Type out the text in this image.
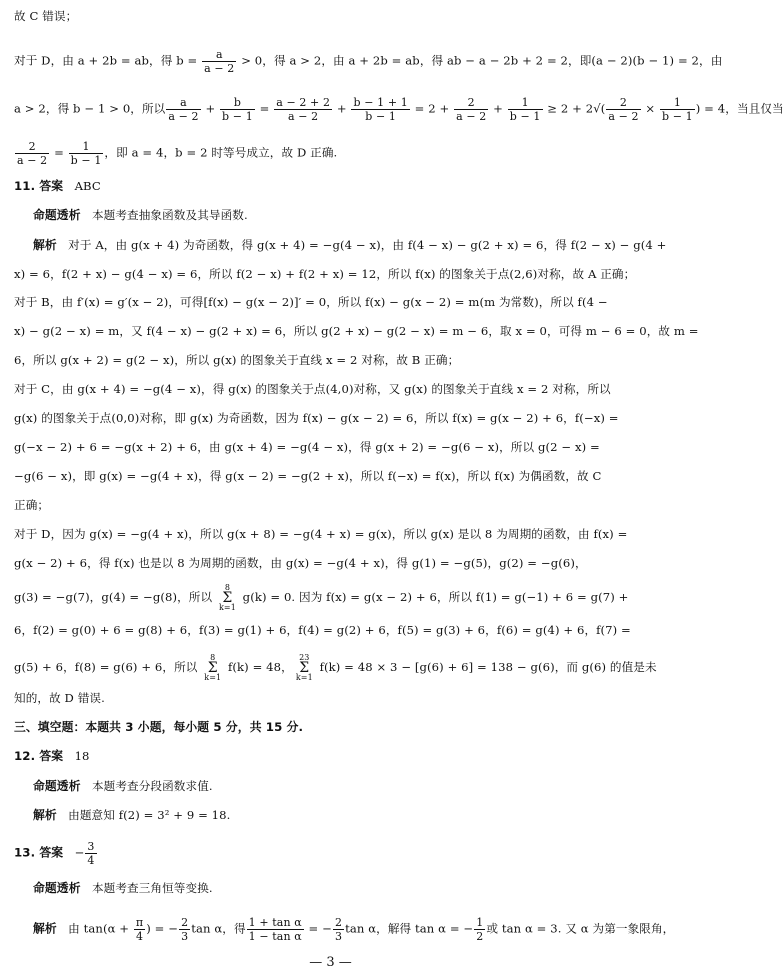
故 C 错误；
对于 D，由 a + 2b = ab，得 $b = \frac{a}{a - 2} > 0$，得 a > 2，由 a + 2b = ab，得 ab − a − 2b + 2 = 2，即(a − 2)(b − 1) = 2，由
a > 2，得 b − 1 > 0，所以 $\frac{a}{a - 2} + \frac{b}{b - 1} = \frac{a - 2 + 2}{a - 2} + \frac{b - 1 + 1}{b - 1} = 2 + \frac{2}{a - 2} + \frac{1}{b - 1} \ge 2 + 2√( \frac{2}{a - 2} \times \frac{1}{b - 1}$ ) = 4，当且仅当
$\frac{2}{a - 2} = \frac{1}{b - 1}$ ，即 a = 4，b = 2 时等号成立，故 D 正确.
11. 答案 ABC
命题透析 本题考查抽象函数及其导函数.
解析 对于 A，由 g(x + 4) 为奇函数，得 g(x + 4) = −g(4 − x)，由 f(4 − x) − g(2 + x) = 6，得 f(2 − x) − g(4 +
x) = 6，f(2 + x) − g(4 − x) = 6，所以 f(2 − x) + f(2 + x) = 12，所以 f(x) 的图象关于点(2,6)对称，故 A 正确；
对于 B，由 f′(x) = g′(x − 2)，可得[f(x) − g(x − 2)]′ = 0，所以 f(x) − g(x − 2) = m(m 为常数)，所以 f(4 −
x) − g(2 − x) = m，又 f(4 − x) − g(2 + x) = 6，所以 g(2 + x) − g(2 − x) = m − 6，取 x = 0，可得 m − 6 = 0，故 m =
6，所以 g(x + 2) = g(2 − x)，所以 g(x) 的图象关于直线 x = 2 对称，故 B 正确；
对于 C，由 g(x + 4) = −g(4 − x)，得 g(x) 的图象关于点(4,0)对称，又 g(x) 的图象关于直线 x = 2 对称，所以
g(x) 的图象关于点(0,0)对称，即 g(x) 为奇函数，因为 f(x) − g(x − 2) = 6，所以 f(x) = g(x − 2) + 6，f(−x) =
g(−x − 2) + 6 = −g(x + 2) + 6，由 g(x + 4) = −g(4 − x)，得 g(x + 2) = −g(6 − x)，所以 g(2 − x) =
−g(6 − x)，即 g(x) = −g(4 + x)，得 g(x − 2) = −g(2 + x)，所以 f(−x) = f(x)，所以 f(x) 为偶函数，故 C
正确；
对于 D，因为 g(x) = −g(4 + x)，所以 g(x + 8) = −g(4 + x) = g(x)，所以 g(x) 是以 8 为周期的函数，由 f(x) =
g(x − 2) + 6，得 f(x) 也是以 8 为周期的函数，由 g(x) = −g(4 + x)，得 g(1) = −g(5)，g(2) = −g(6)，
g(3) = −g(7)，g(4) = −g(8)，所以
8
Σ
k=1
g(k) = 0. 因为 f(x) = g(x − 2) + 6，所以 f(1) = g(−1) + 6 = g(7) +
6，f(2) = g(0) + 6 = g(8) + 6，f(3) = g(1) + 6，f(4) = g(2) + 6，f(5) = g(3) + 6，f(6) = g(4) + 6，f(7) =
g(5) + 6，f(8) = g(6) + 6，所以
8
Σ
k=1
f(k) = 48，
23
Σ
k=1
f(k) = 48 × 3 − [g(6) + 6] = 138 − g(6)，而 g(6) 的值是未
知的，故 D 错误.
三、填空题：本题共 3 小题，每小题 5 分，共 15 分.
12. 答案 18
命题透析 本题考查分段函数求值.
解析 由题意知 f(2) = 3² + 9 = 18.
13. 答案 − $\frac{3}{4}$
命题透析 本题考查三角恒等变换.
解析 由 $\tan(\alpha + \frac{\pi}{4}$ ) = − $\frac{2}{3}$ tan α，得 $\frac{\text{1 + tan α}}{\text{1 − tan α}}$ = − $\frac{2}{3}$ tan α，解得 tan α = − $\frac{1}{2}$ 或 tan α = 3. 又 α 为第一象限角，
— 3 —
